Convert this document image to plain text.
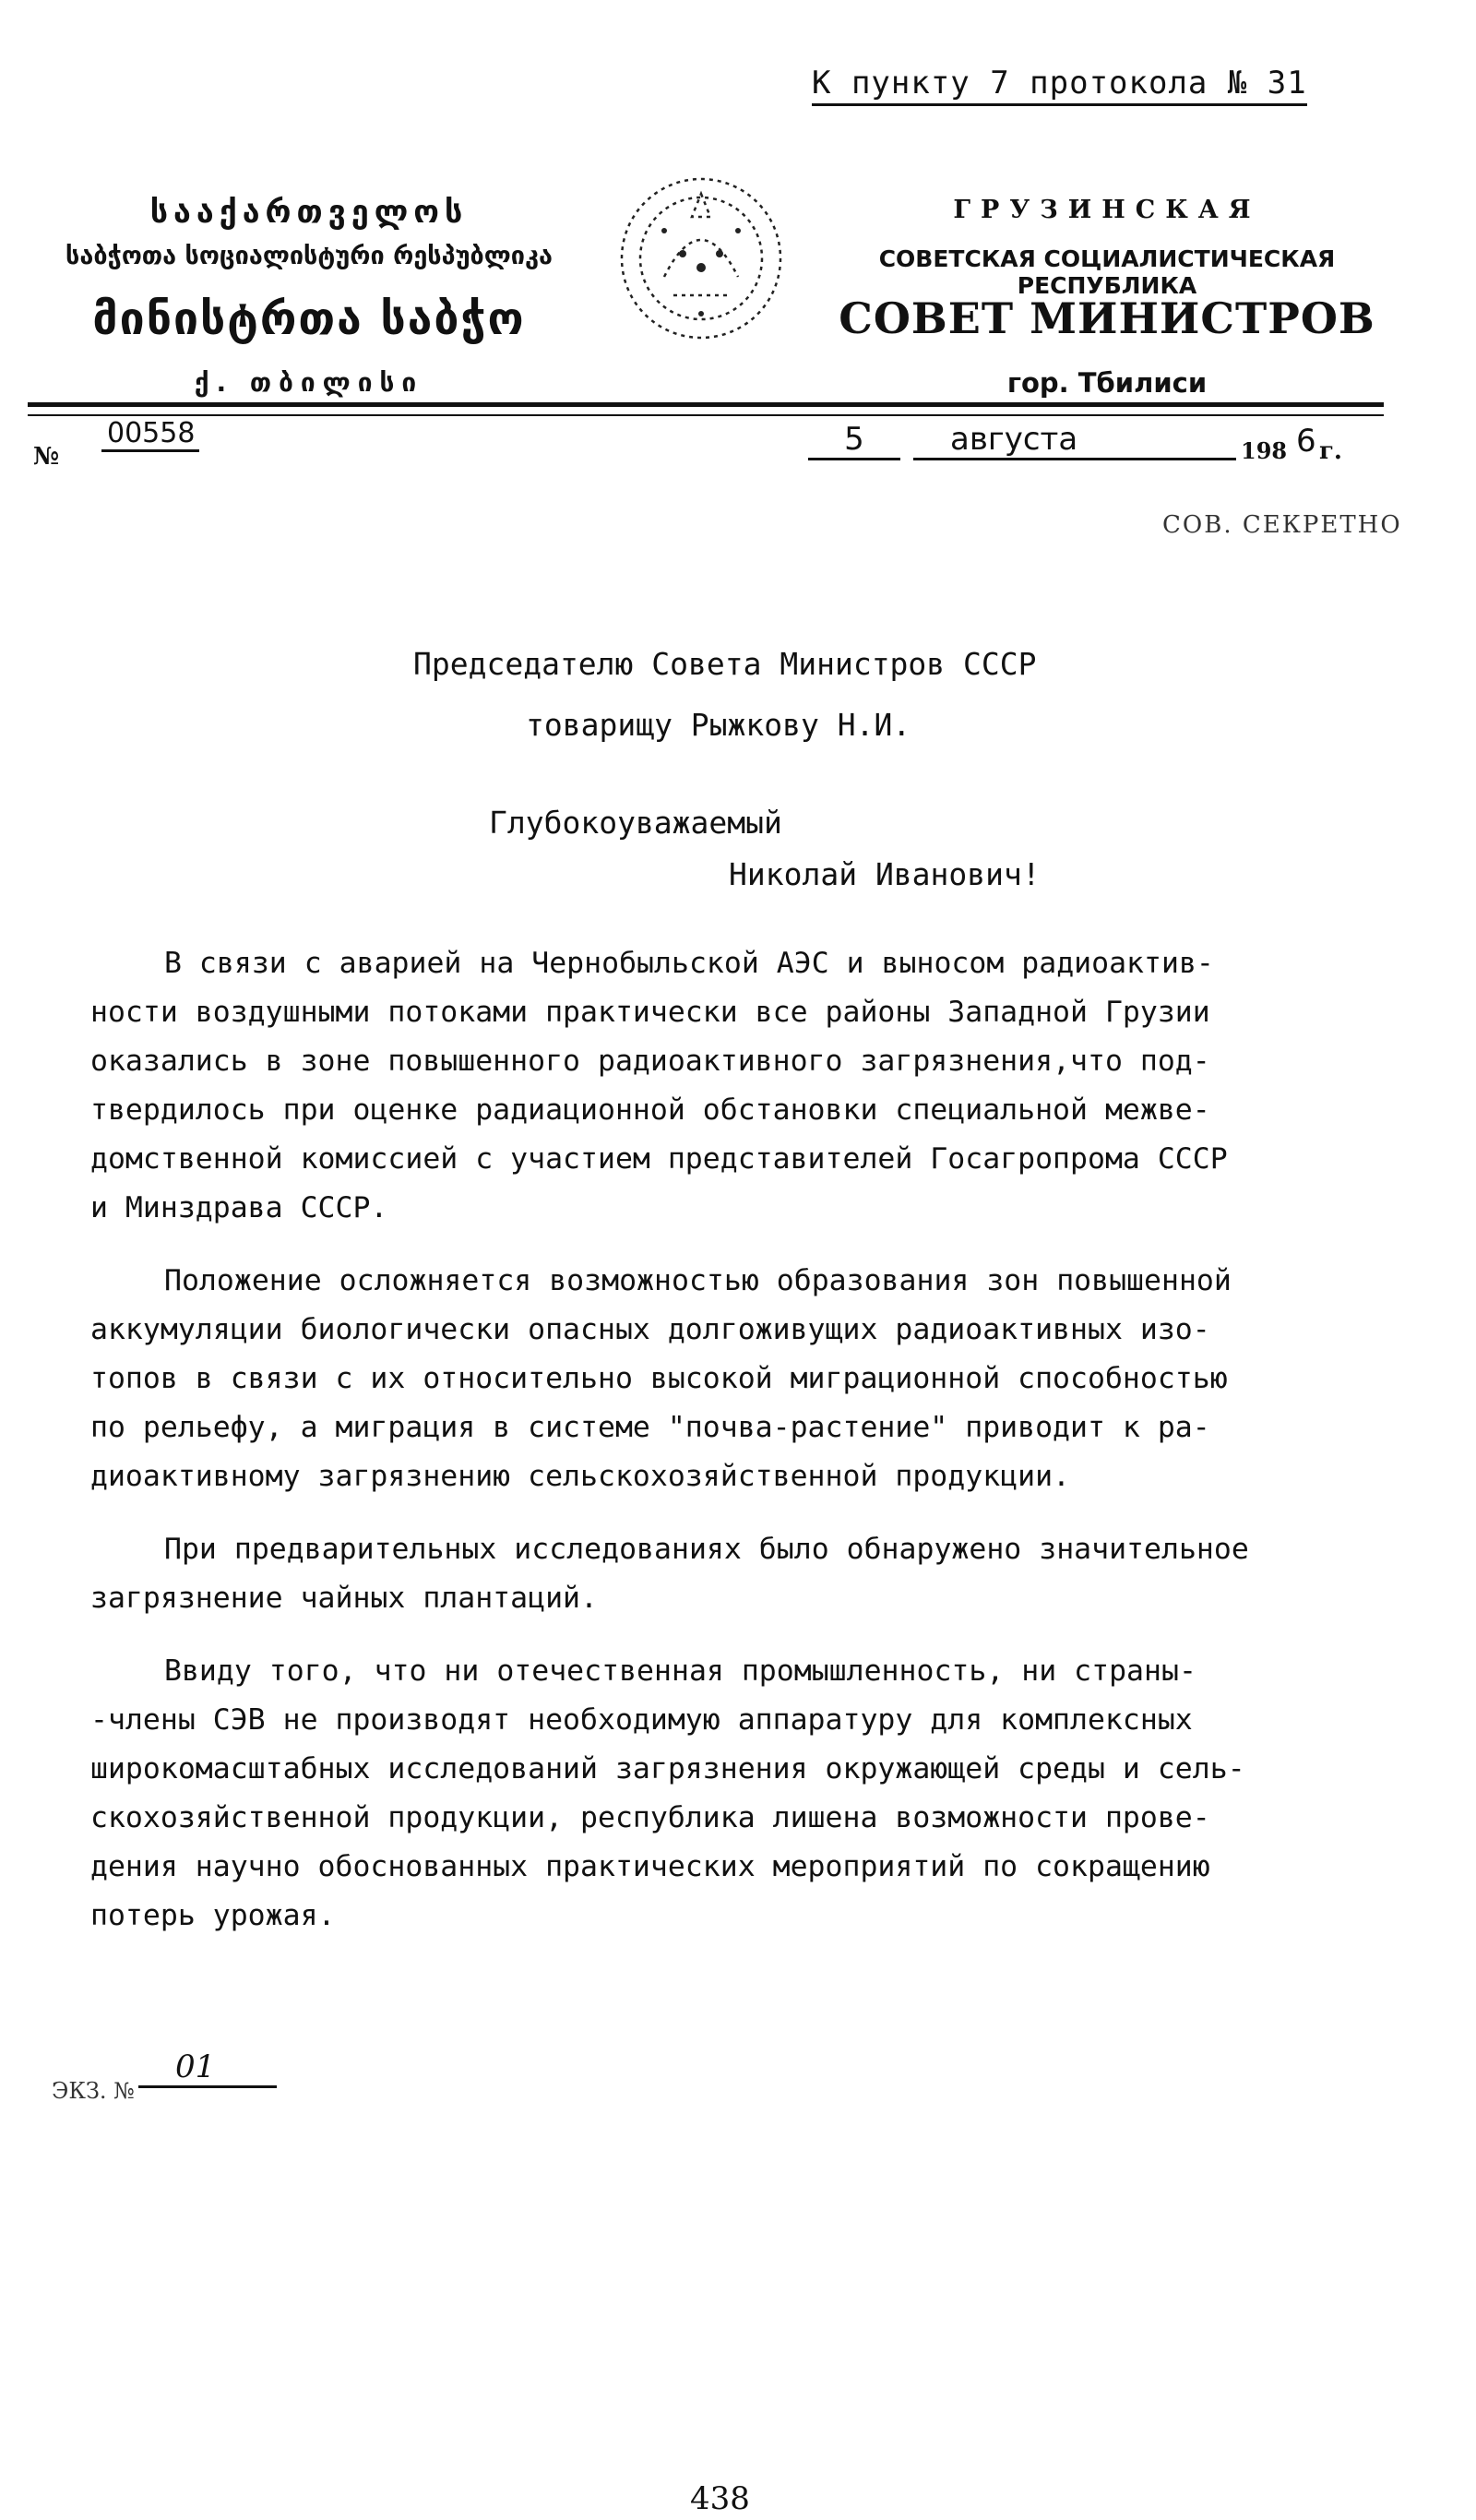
К пункту 7 протокола № 31
სააქართველოს
საბჭოთა სოციალისტური რესპუბლიკა
მინისტრთა საბჭო
ქ. თბილისი
ГРУЗИНСКАЯ
СОВЕТСКАЯ СОЦИАЛИСТИЧЕСКАЯ РЕСПУБЛИКА
СОВЕТ МИНИСТРОВ
гор. Тбилиси
№
00558	5	августа	198 6 г.
СОВ. СЕКРЕТНО
Председателю Совета Министров СССР
товарищу Рыжкову Н.И.
Глубокоуважаемый
Николай Иванович!
В связи с аварией на Чернобыльской АЭС и выносом радиоактив-
ности воздушными потоками практически все районы Западной Грузии
оказались в зоне повышенного радиоактивного загрязнения,что под-
твердилось при оценке радиационной обстановки специальной межве-
домственной комиссией с участием представителей Госагропрома СССР
и Минздрава СССР.
Положение осложняется возможностью образования зон повышенной
аккумуляции биологически опасных долгоживущих радиоактивных изо-
топов в связи с их относительно высокой миграционной способностью
по рельефу, а миграция в системе "почва-растение" приводит к ра-
диоактивному загрязнению сельскохозяйственной продукции.
При предварительных исследованиях было обнаружено значительное
загрязнение чайных плантаций.
Ввиду того, что ни отечественная промышленность, ни страны-
-члены СЭВ не производят необходимую аппаратуру для комплексных
широкомасштабных исследований загрязнения окружающей среды и сель-
скохозяйственной продукции, республика лишена возможности прове-
дения научно обоснованных практических мероприятий по сокращению
потерь урожая.
ЭКЗ. №
01
438
